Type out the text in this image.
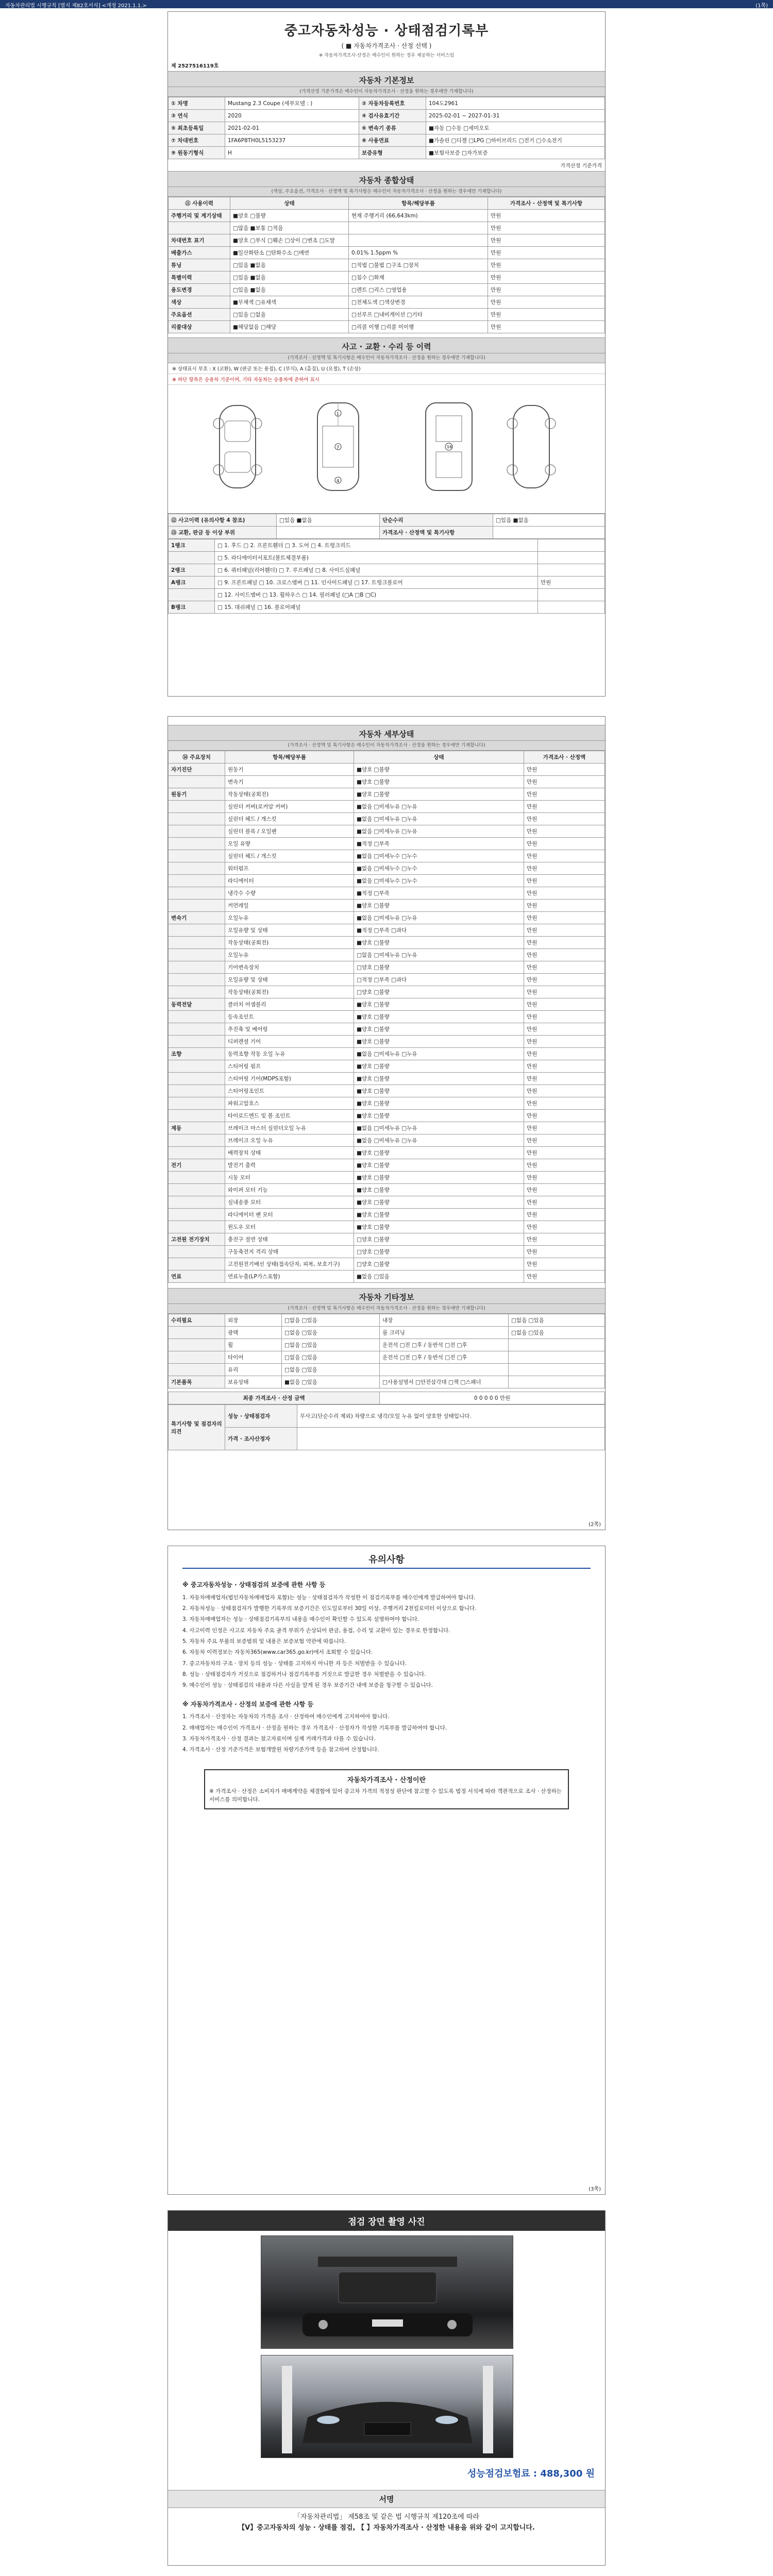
자동차관리법 시행규칙 [별지 제82호서식] <개정 2021.1.1.>	(1쪽)
중고자동차성능 · 상태점검기록부
( ■ 자동차가격조사 · 산정 선택 )
※ 자동차가격조사·산정은 매수인이 원하는 경우 제공하는 서비스임
제 2527516119호
자동차 기본정보
(가격산정 기준가격은 매수인이 자동차가격조사 · 산정을 원하는 경우에만 기재합니다)
① 차명	Mustang 2.3 Coupe (세부모델 : )	② 자동차등록번호	104도2961
③ 연식	2020	④ 검사유효기간	2025-02-01 ~ 2027-01-31
⑤ 최초등록일	2021-02-01	⑥ 변속기 종류	■자동 □수동 □세미오토
⑦ 차대번호	1FA6P8TH0L5153237	⑧ 사용연료	■가솔린 □디젤 □LPG □하이브리드 □전기 □수소전기
⑨ 원동기형식	H	보증유형	■보험사보증 □자가보증
가격산정 기준가격
자동차 종합상태
(색상, 주요옵션, 가격조사 · 산정액 및 특기사항은 매수인이 자동차가격조사 · 산정을 원하는 경우에만 기재합니다)
⑪ 사용이력	상태	항목/해당부품	가격조사 · 산정액 및 특기사항
주행거리 및 계기상태	■양호 □불량	현재 주행거리 (66,643km)	만원
	□많음 ■보통 □적음		만원
차대번호 표기	■양호 □부식 □훼손 □상이 □변조 □도말		만원
배출가스	■일산화탄소 □탄화수소 □매연	0.01% 1.5ppm %	만원
튜닝	□있음 ■없음	□적법 □불법 □구조 □장치	만원
특별이력	□있음 ■없음	□침수 □화재	만원
용도변경	□있음 ■없음	□렌트 □리스 □영업용	만원
색상	■무채색 □유채색	□전체도색 □색상변경	만원
주요옵션	□있음 □없음	□선루프 □내비게이션 □기타	만원
리콜대상	■해당없음 □해당	□리콜 이행 □리콜 미이행	만원
사고 · 교환 · 수리 등 이력
(가격조사 · 산정액 및 특기사항은 매수인이 자동차가격조사 · 산정을 원하는 경우에만 기재합니다)
※ 상태표시 부호 : X (교환), W (판금 또는 용접), C (부식), A (흠집), U (요철), T (손상)
※ 하단 항목은 승용차 기준이며, 기타 자동차는 승용차에 준하여 표시
1
7
4
16
⑫ 사고이력 (유의사항 4 참조)	□있음 ■없음	단순수리	□있음 ■없음
⑬ 교환, 판금 등 이상 부위		가격조사 · 산정액 및 특기사항	
1랭크	□ 1. 후드 □ 2. 프론트휀더 □ 3. 도어 □ 4. 트렁크리드	
	□ 5. 라디에이터서포트(볼트체결부품)	
2랭크	□ 6. 쿼터패널(리어휀더) □ 7. 루프패널 □ 8. 사이드실패널	
A랭크	□ 9. 프론트패널 □ 10. 크로스멤버 □ 11. 인사이드패널 □ 17. 트렁크플로어	만원
	□ 12. 사이드멤버 □ 13. 휠하우스 □ 14. 필러패널 (□A □B □C)	
B랭크	□ 15. 대쉬패널 □ 16. 플로어패널	
자동차 세부상태
(가격조사 · 산정액 및 특기사항은 매수인이 자동차가격조사 · 산정을 원하는 경우에만 기재합니다)
⑭ 주요장치	항목/해당부품	상태	가격조사 · 산정액
자기진단	원동기	■양호 □불량	만원
	변속기	■양호 □불량	만원
원동기	작동상태(공회전)	■양호 □불량	만원
	실린더 커버(로커암 커버)	■없음 □미세누유 □누유	만원
	실린더 헤드 / 개스킷	■없음 □미세누유 □누유	만원
	실린더 블록 / 오일팬	■없음 □미세누유 □누유	만원
	오일 유량	■적정 □부족	만원
	실린더 헤드 / 개스킷	■없음 □미세누수 □누수	만원
	워터펌프	■없음 □미세누수 □누수	만원
	라디에이터	■없음 □미세누수 □누수	만원
	냉각수 수량	■적정 □부족	만원
	커먼레일	■양호 □불량	만원
변속기	오일누유	■없음 □미세누유 □누유	만원
	오일유량 및 상태	■적정 □부족 □과다	만원
	작동상태(공회전)	■양호 □불량	만원
	오일누유	□없음 □미세누유 □누유	만원
	기어변속장치	□양호 □불량	만원
	오일유량 및 상태	□적정 □부족 □과다	만원
	작동상태(공회전)	□양호 □불량	만원
동력전달	클러치 어셈블리	■양호 □불량	만원
	등속조인트	■양호 □불량	만원
	추진축 및 베어링	■양호 □불량	만원
	디퍼렌셜 기어	■양호 □불량	만원
조향	동력조향 작동 오일 누유	■없음 □미세누유 □누유	만원
	스티어링 펌프	■양호 □불량	만원
	스티어링 기어(MDPS포함)	■양호 □불량	만원
	스티어링조인트	■양호 □불량	만원
	파워고압호스	■양호 □불량	만원
	타이로드엔드 및 볼 조인트	■양호 □불량	만원
제동	브레이크 마스터 실린더오일 누유	■없음 □미세누유 □누유	만원
	브레이크 오일 누유	■없음 □미세누유 □누유	만원
	배력장치 상태	■양호 □불량	만원
전기	발전기 출력	■양호 □불량	만원
	시동 모터	■양호 □불량	만원
	와이퍼 모터 기능	■양호 □불량	만원
	실내송풍 모터	■양호 □불량	만원
	라디에이터 팬 모터	■양호 □불량	만원
	윈도우 모터	■양호 □불량	만원
고전원 전기장치	충전구 절연 상태	□양호 □불량	만원
	구동축전지 격리 상태	□양호 □불량	만원
	고전원전기배선 상태(접속단자, 피복, 보호기구)	□양호 □불량	만원
연료	연료누출(LP가스포함)	■없음 □있음	만원
자동차 기타정보
(가격조사 · 산정액 및 특기사항은 매수인이 자동차가격조사 · 산정을 원하는 경우에만 기재합니다)
수리필요	외장	□없음 □있음	내장	□없음 □있음
	광택	□없음 □있음	룸 크리닝	□없음 □있음
	휠	□없음 □있음	운전석 □전 □후 / 동반석 □전 □후	
	타이어	□없음 □있음	운전석 □전 □후 / 동반석 □전 □후	
	유리	□없음 □있음		
기본품목	보유상태	■없음 □있음	□사용설명서 □안전삼각대 □잭 □스패너	
최종 가격조사 · 산정 금액	0 0 0 0 0 만원
특기사항 및 점검자의 의견	성능 · 상태점검자	무사고(단순수리 제외) 차량으로 냉각/오일 누유 없이 양호한 상태입니다.
	가격 · 조사산정자	
(2쪽)
유의사항
※ 중고자동차성능 · 상태점검의 보증에 관한 사항 등

1. 자동차매매업자(법인자동차매매업자 포함)는 성능 · 상태점검자가 작성한 이 점검기록부를 매수인에게 발급하여야 합니다.

2. 자동차성능 · 상태점검자가 발행한 기록부의 보증기간은 인도일로부터 30일 이상, 주행거리 2천킬로미터 이상으로 합니다.

3. 자동차매매업자는 성능 · 상태점검기록부의 내용을 매수인이 확인할 수 있도록 설명하여야 합니다.

4. 사고이력 인정은 사고로 자동차 주요 골격 부위가 손상되어 판금, 용접, 수리 및 교환이 있는 경우로 한정합니다.

5. 자동차 주요 부품의 보증범위 및 내용은 보증보험 약관에 따릅니다.

6. 자동차 이력정보는 자동차365(www.car365.go.kr)에서 조회할 수 있습니다.

7. 중고자동차의 구조 · 장치 등의 성능 · 상태를 고지하지 아니한 자 등은 처벌받을 수 있습니다.

8. 성능 · 상태점검자가 거짓으로 점검하거나 점검기록부를 거짓으로 발급한 경우 처벌받을 수 있습니다.

9. 매수인이 성능 · 상태점검의 내용과 다른 사실을 알게 된 경우 보증기간 내에 보증을 청구할 수 있습니다.

※ 자동차가격조사 · 산정의 보증에 관한 사항 등

1. 가격조사 · 산정자는 자동차의 가격을 조사 · 산정하여 매수인에게 고지하여야 합니다.

2. 매매업자는 매수인이 가격조사 · 산정을 원하는 경우 가격조사 · 산정자가 작성한 기록부를 발급하여야 합니다.

3. 자동차가격조사 · 산정 결과는 참고자료이며 실제 거래가격과 다를 수 있습니다.

4. 가격조사 · 산정 기준가격은 보험개발원 차량기준가액 등을 참고하여 산정합니다.

자동차가격조사 · 산정이란
※ 가격조사 · 산정은 소비자가 매매계약을 체결함에 있어 중고차 가격의 적정성 판단에 참고할 수 있도록 법정 서식에 따라 객관적으로 조사 · 산정하는 서비스를 의미합니다.
(3쪽)
점검 장면 촬영 사진
성능점검보험료 : 488,300 원
서명
「자동차관리법」 제58조 및 같은 법 시행규칙 제120조에 따라
【V】중고자동차의 성능 · 상태를 점검, 【 】자동차가격조사 · 산정한 내용을 위와 같이 고지합니다.
